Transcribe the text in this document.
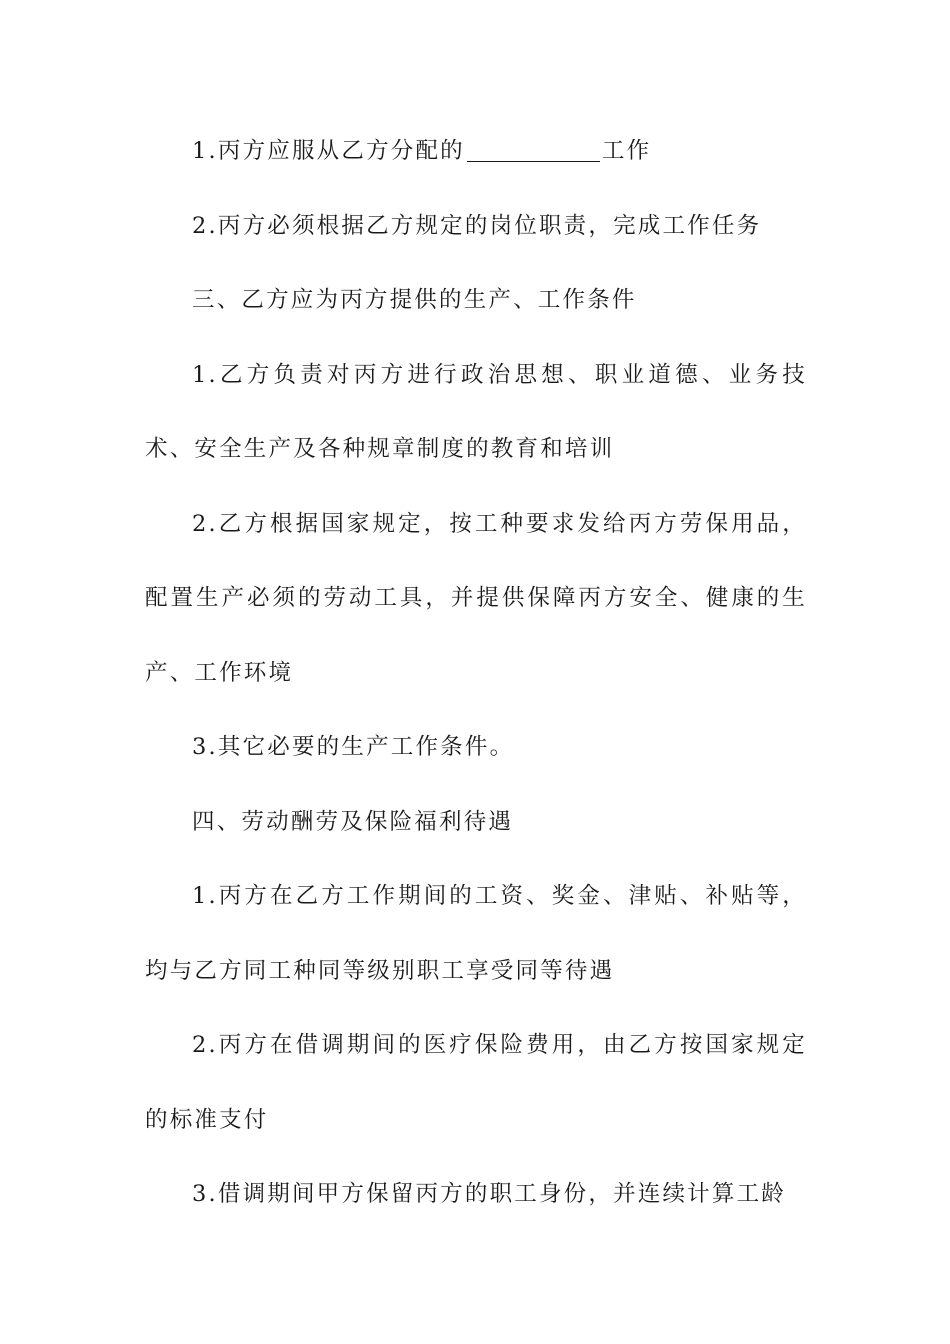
1.丙方应服从乙方分配的	工作

2.丙方必须根据乙方规定的岗位职责，完成工作任务

三、乙方应为丙方提供的生产、工作条件

1.乙方负责对丙方进行政治思想、职业道德、业务技术、安全生产及各种规章制度的教育和培训

2.乙方根据国家规定，按工种要求发给丙方劳保用品，配置生产必须的劳动工具，并提供保障丙方安全、健康的生产、工作环境

3.其它必要的生产工作条件。

四、劳动酬劳及保险福利待遇

1.丙方在乙方工作期间的工资、奖金、津贴、补贴等，均与乙方同工种同等级别职工享受同等待遇

2.丙方在借调期间的医疗保险费用，由乙方按国家规定的标准支付

3.借调期间甲方保留丙方的职工身份，并连续计算工龄
